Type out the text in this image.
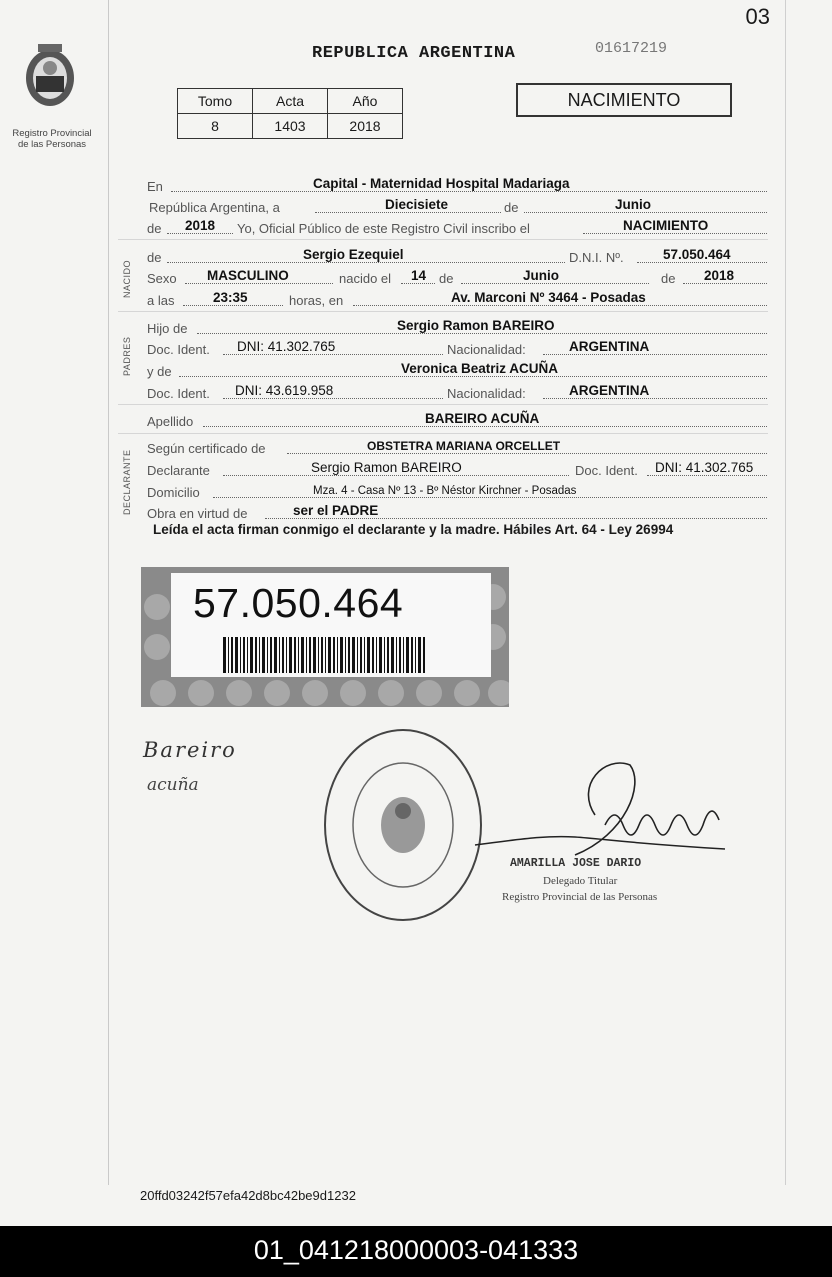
03
Registro Provincial
de las Personas
REPUBLICA ARGENTINA	01617219
Tomo	Acta	Año
8	1403	2018
NACIMIENTO
En	Capital - Maternidad Hospital Madariaga
República Argentina, a	Diecisiete	de	Junio
de 2018 Yo, Oficial Público de este Registro Civil inscribo el	NACIMIENTO
NACIDO
de	Sergio Ezequiel	D.N.I. Nº.	57.050.464
Sexo MASCULINO	nacido el 14 de	Junio	de 2018
a las	23:35	horas, en	Av. Marconi Nº 3464 - Posadas
PADRES
Hijo de	Sergio Ramon BAREIRO
Doc. Ident. DNI: 41.302.765	Nacionalidad:	ARGENTINA
y de	Veronica Beatriz ACUÑA
Doc. Ident. DNI: 43.619.958	Nacionalidad:	ARGENTINA
Apellido	BAREIRO ACUÑA
DECLARANTE
Según certificado de	OBSTETRA MARIANA ORCELLET
Declarante	Sergio Ramon BAREIRO	Doc. Ident. DNI: 41.302.765
Domicilio	Mza. 4 - Casa Nº 13 - Bº Néstor Kirchner - Posadas
Obra en virtud de	ser el PADRE
Leída el acta firman conmigo el declarante y la madre. Hábiles Art. 64 - Ley 26994
57.050.464
Bareiro
acuña
AMARILLA JOSE DARIO
Delegado Titular
Registro Provincial de las Personas
20ffd03242f57efa42d8bc42be9d1232
01_041218000003-041333
